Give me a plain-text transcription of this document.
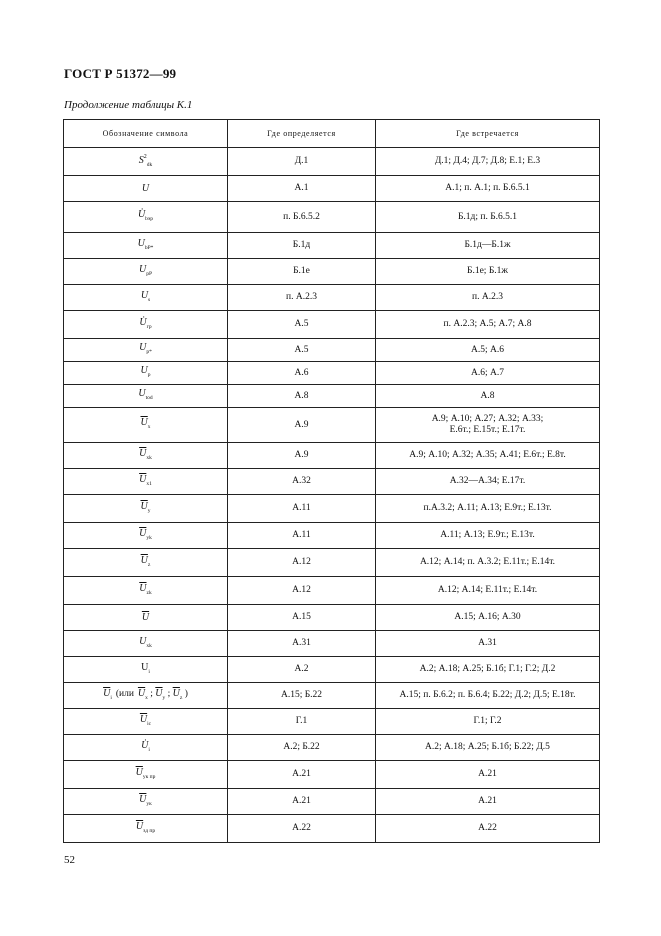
ГОСТ Р 51372—99
Продолжение таблицы К.1
Обозначение символа	Где определяется	Где встречается
$S^2_{dk}$	Д.1	Д.1; Д.4; Д.7; Д.8; Е.1; Е.3
U	А.1	А.1; п. А.1; п. Б.6.5.1
$U_{bэр}$	п. Б.6.5.2	Б.1д; п. Б.6.5.1
$U_{bP*}$	Б.1д	Б.1д—Б.1ж
$U_{pP}$	Б.1е	Б.1е; Б.1ж
$U_s$	п. А.2.3	п. А.2.3
$U_{гр}$	А.5	п. А.2.3; А.5; А.7; А.8
$U_{р*}$	А.5	А.5; А.6
$U_р$	А.6	А.6; А.7
$U_{tod}$	А.8	А.8
$\overline{U}_x$	А.9	А.9; А.10; А.27; А.32; А.33;
Е.6т.; Е.15т.; Е.17т.
$\overline{U}_{xk}$	А.9	А.9; А.10; А.32; А.35; А.41; Е.6т.; Е.8т.
$\overline{U}_{x1}$	А.32	А.32—А.34; Е.17т.
$\overline{U}_y$	А.11	п.А.3.2; А.11; А.13; Е.9т.; Е.13т.
$\overline{U}_{yk}$	А.11	А.11; А.13; Е.9т.; Е.13т.
$\overline{U}_z$	А.12	А.12; А.14; п. А.3.2; Е.11т.; Е.14т.
$\overline{U}_{zk}$	А.12	А.12; А.14; Е.11т.; Е.14т.
$\overline{U}$	А.15	А.15; А.16; А.30
$U_{xk}$	А.31	А.31
$U_i$	А.2	А.2; А.18; А.25; Б.1б; Г.1; Г.2; Д.2
$\overline{U}_i$ (или $\overline{U}_x$ ; $\overline{U}_y$ ; $\overline{U}_z$ )	А.15; Б.22	А.15; п. Б.6.2; п. Б.6.4; Б.22; Д.2; Д.5; Е.18т.
$\overline{U}_{ic}$	Г.1	Г.1; Г.2
$U_i$	А.2; Б.22	А.2; А.18; А.25; Б.1б; Б.22; Д.5
$\overline{U}_{ук пр}$	А.21	А.21
$\overline{U}_{ук}$	А.21	А.21
$\overline{U}_{зд пр}$	А.22	А.22
52
